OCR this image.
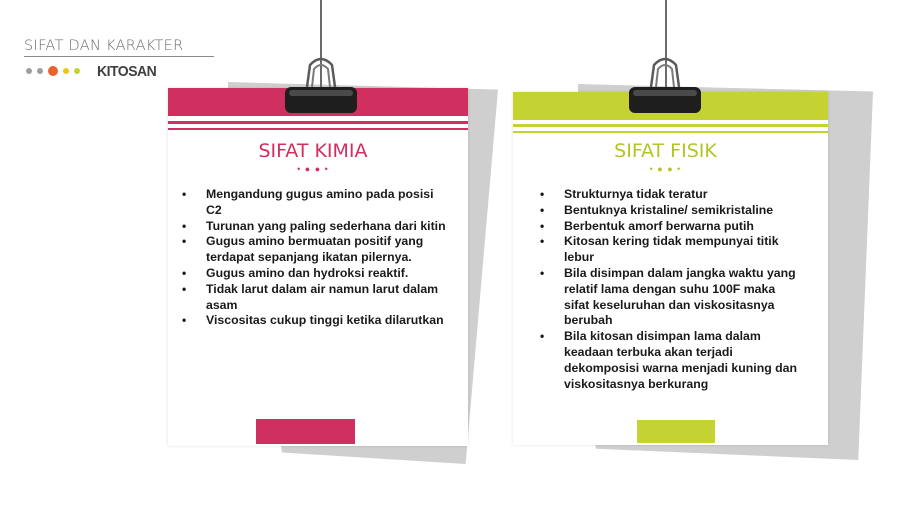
SIFAT DAN KARAKTER
KITOSAN
SIFAT KIMIA
• ● ● •
• Mengandung gugus amino pada posisi C2
• Turunan yang paling sederhana dari kitin
• Gugus amino bermuatan positif yang terdapat sepanjang ikatan pilernya.
• Gugus amino dan hydroksi reaktif.
• Tidak larut dalam air namun larut dalam asam
• Viscositas cukup tinggi ketika dilarutkan
SIFAT FISIK
• ● ● •
• Strukturnya tidak teratur
• Bentuknya kristaline/ semikristaline
• Berbentuk amorf berwarna putih
• Kitosan kering tidak mempunyai titik lebur
• Bila disimpan dalam jangka waktu yang relatif lama dengan suhu 100F maka sifat keseluruhan dan viskositasnya berubah
• Bila kitosan disimpan lama dalam keadaan terbuka akan terjadi dekomposisi warna menjadi kuning dan viskositasnya berkurang
